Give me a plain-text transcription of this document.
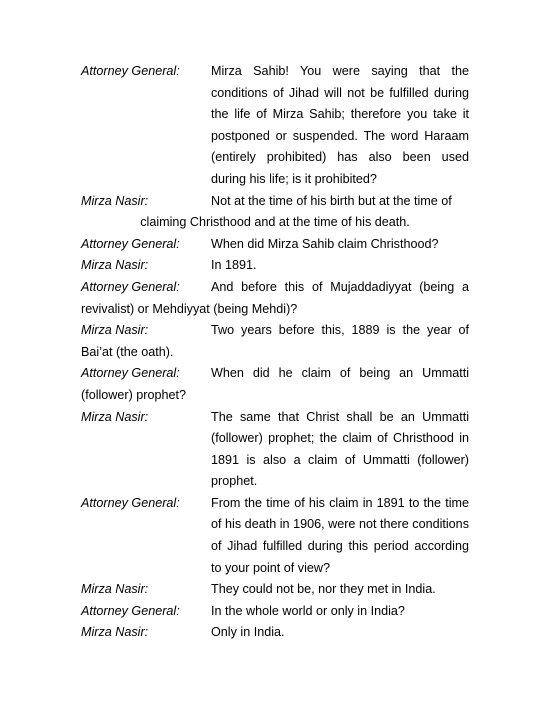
Attorney General: Mirza Sahib! You were saying that the conditions of Jihad will not be fulfilled during the life of Mirza Sahib; therefore you take it postponed or suspended. The word Haraam (entirely prohibited) has also been used during his life; is it prohibited?

Mirza Nasir:	Not at the time of his birth but at the time of
claiming Christhood and at the time of his death.

Attorney General: When did Mirza Sahib claim Christhood?

Mirza Nasir:	In 1891.

Attorney General: And before this of Mujaddadiyyat (being a revivalist) or Mehdiyyat (being Mehdi)?

Mirza Nasir:	Two years before this, 1889 is the year of Bai’at (the oath).

Attorney General: When did he claim of being an Ummatti (follower) prophet?

Mirza Nasir:	The same that Christ shall be an Ummatti (follower) prophet; the claim of Christhood in 1891 is also a claim of Ummatti (follower) prophet.

Attorney General: From the time of his claim in 1891 to the time of his death in 1906, were not there conditions of Jihad fulfilled during this period according to your point of view?

Mirza Nasir:	They could not be, nor they met in India.

Attorney General: In the whole world or only in India?

Mirza Nasir:	Only in India.
